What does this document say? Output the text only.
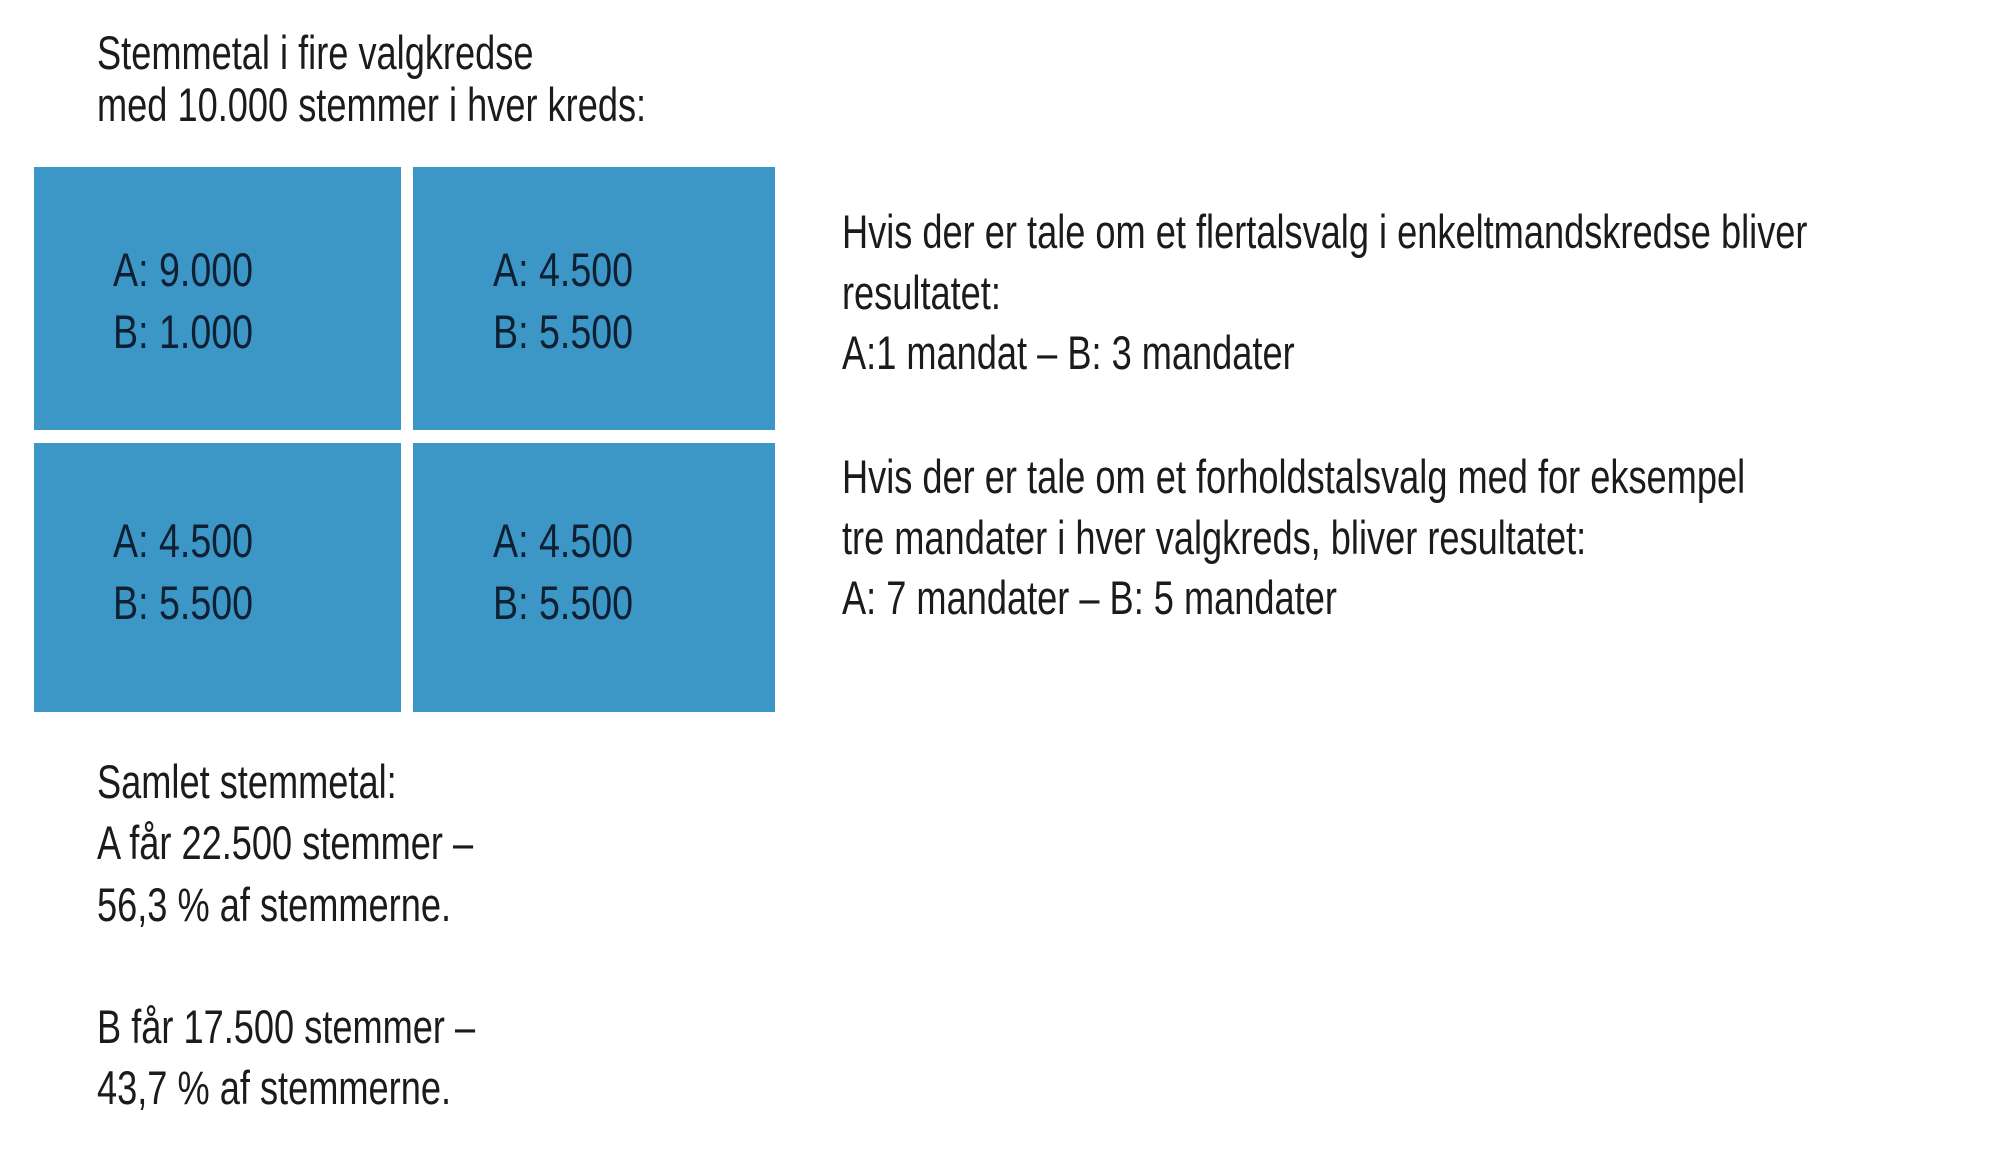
Stemmetal i fire valgkredse
med 10.000 stemmer i hver kreds:
A: 9.000
B: 1.000
A: 4.500
B: 5.500
A: 4.500
B: 5.500
A: 4.500
B: 5.500
Samlet stemmetal:
A får 22.500 stemmer –
56,3 % af stemmerne.
B får 17.500 stemmer –
43,7 % af stemmerne.
Hvis der er tale om et flertalsvalg i enkeltmandskredse bliver
resultatet:
A:1 mandat – B: 3 mandater
Hvis der er tale om et forholdstalsvalg med for eksempel
tre mandater i hver valgkreds, bliver resultatet:
A: 7 mandater – B: 5 mandater
